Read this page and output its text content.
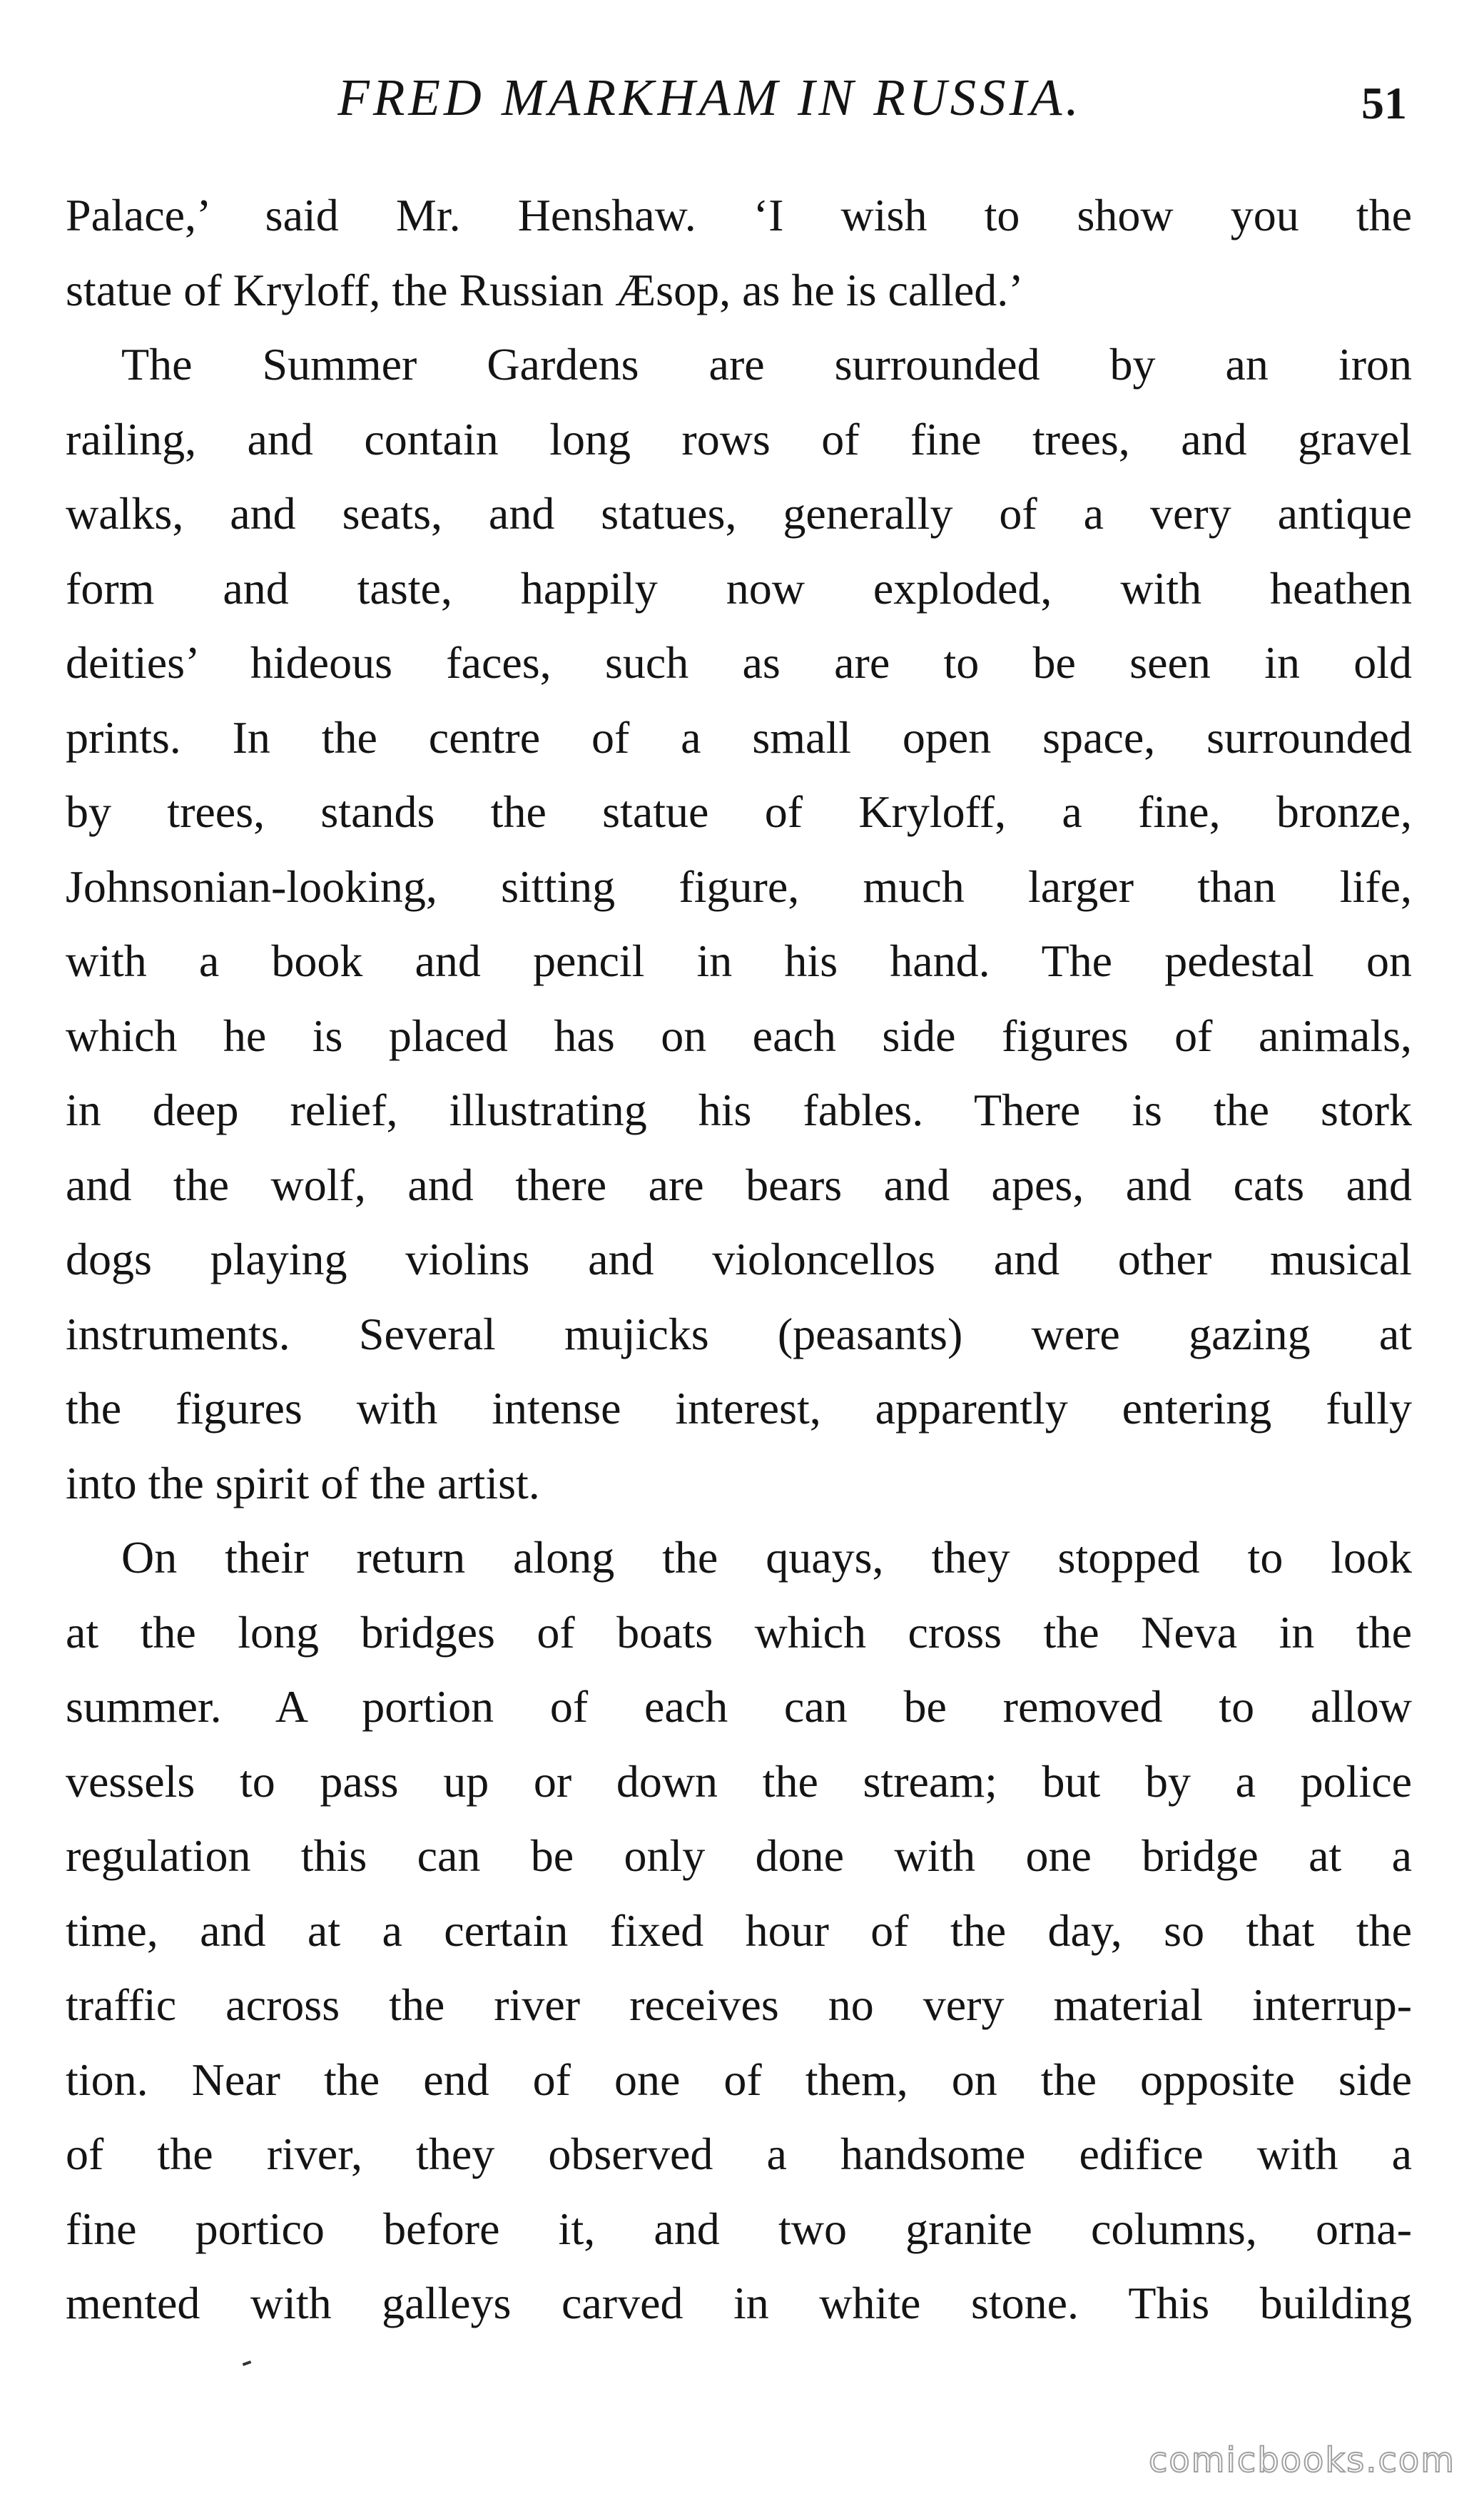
FRED MARKHAM IN RUSSIA.	51
Palace,’ said Mr. Henshaw. ‘I wish to show you the
statue of Kryloff, the Russian Æsop, as he is called.’
The Summer Gardens are surrounded by an iron
railing, and contain long rows of fine trees, and gravel
walks, and seats, and statues, generally of a very antique
form and taste, happily now exploded, with heathen
deities’ hideous faces, such as are to be seen in old
prints. In the centre of a small open space, surrounded
by trees, stands the statue of Kryloff, a fine, bronze,
Johnsonian-looking, sitting figure, much larger than life,
with a book and pencil in his hand. The pedestal on
which he is placed has on each side figures of animals,
in deep relief, illustrating his fables. There is the stork
and the wolf, and there are bears and apes, and cats and
dogs playing violins and violoncellos and other musical
instruments. Several mujicks (peasants) were gazing at
the figures with intense interest, apparently entering fully
into the spirit of the artist.
On their return along the quays, they stopped to look
at the long bridges of boats which cross the Neva in the
summer. A portion of each can be removed to allow
vessels to pass up or down the stream; but by a police
regulation this can be only done with one bridge at a
time, and at a certain fixed hour of the day, so that the
traffic across the river receives no very material interrup-
tion. Near the end of one of them, on the opposite side
of the river, they observed a handsome edifice with a
fine portico before it, and two granite columns, orna-
mented with galleys carved in white stone. This building
comicbooks.com
